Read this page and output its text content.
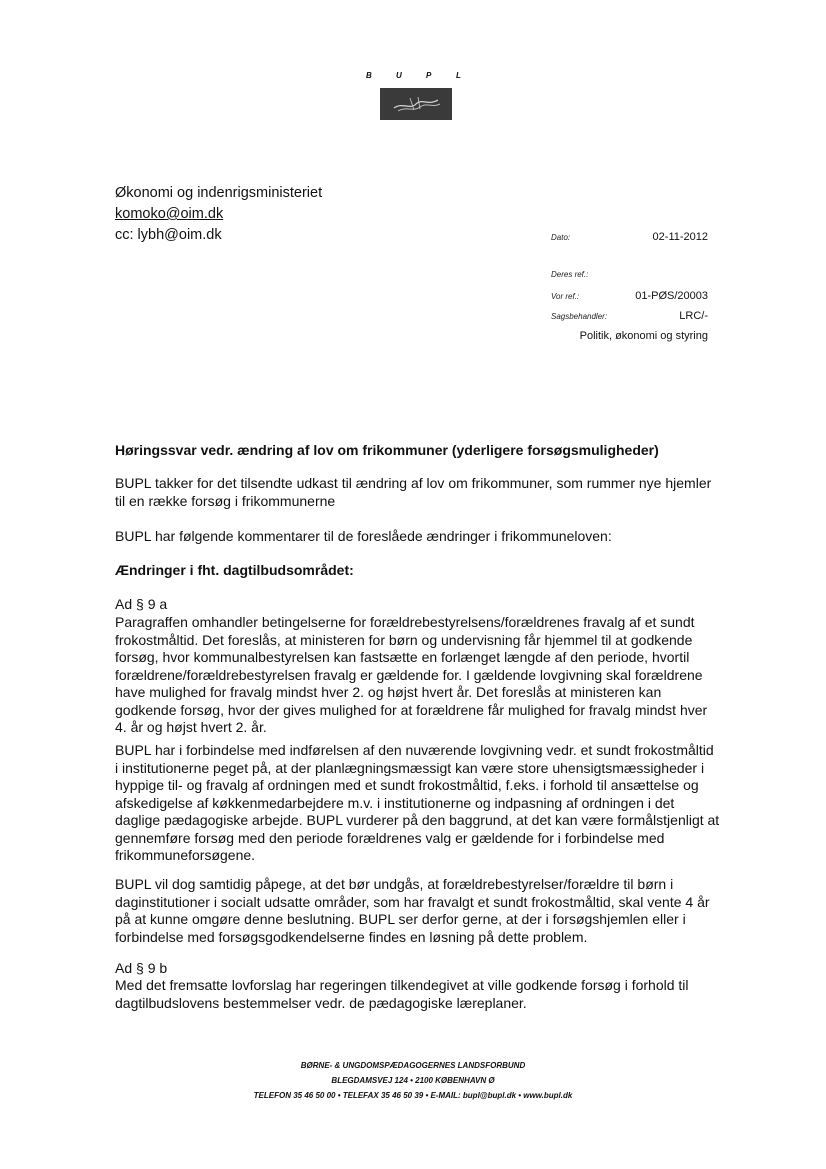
B	U	P	L
Økonomi og indenrigsministeriet
komoko@oim.dk
cc: lybh@oim.dk	Dato:	02-11-2012
Deres ref.:
Vor ref.:	01-PØS/20003
Sagsbehandler:	LRC/-
Politik, økonomi og styring
Høringssvar vedr. ændring af lov om frikommuner (yderligere forsøgsmuligheder)
BUPL takker for det tilsendte udkast til ændring af lov om frikommuner, som rummer nye hjemler til en række forsøg i frikommunerne
BUPL har følgende kommentarer til de foreslåede ændringer i frikommuneloven:
Ændringer i fht. dagtilbudsområdet:
Ad § 9 a
Paragraffen omhandler betingelserne for forældrebestyrelsens/forældrenes fravalg af et sundt frokostmåltid. Det foreslås, at ministeren for børn og undervisning får hjemmel til at godkende forsøg, hvor kommunalbestyrelsen kan fastsætte en forlænget længde af den periode, hvortil forældrene/forældrebestyrelsen fravalg er gældende for. I gældende lovgivning skal forældrene have mulighed for fravalg mindst hver 2. og højst hvert år. Det foreslås at ministeren kan godkende forsøg, hvor der gives mulighed for at forældrene får mulighed for fravalg mindst hver 4. år og højst hvert 2. år.
BUPL har i forbindelse med indførelsen af den nuværende lovgivning vedr. et sundt frokostmåltid i institutionerne peget på, at der planlægningsmæssigt kan være store uhensigtsmæssigheder i hyppige til- og fravalg af ordningen med et sundt frokostmåltid, f.eks. i forhold til ansættelse og afskedigelse af køkkenmedarbejdere m.v. i institutionerne og indpasning af ordningen i det daglige pædagogiske arbejde. BUPL vurderer på den baggrund, at det kan være formålstjenligt at gennemføre forsøg med den periode forældrenes valg er gældende for i forbindelse med frikommuneforsøgene.
BUPL vil dog samtidig påpege, at det bør undgås, at forældrebestyrelser/forældre til børn i daginstitutioner i socialt udsatte områder, som har fravalgt et sundt frokostmåltid, skal vente 4 år på at kunne omgøre denne beslutning. BUPL ser derfor gerne, at der i forsøgshjemlen eller i forbindelse med forsøgsgodkendelserne findes en løsning på dette problem.
Ad § 9 b
Med det fremsatte lovforslag har regeringen tilkendegivet at ville godkende forsøg i forhold til dagtilbudslovens bestemmelser vedr. de pædagogiske læreplaner.
BØRNE- & UNGDOMSPÆDAGOGERNES LANDSFORBUND
BLEGDAMSVEJ 124 • 2100 KØBENHAVN Ø
TELEFON 35 46 50 00 • TELEFAX 35 46 50 39 • E-MAIL: bupl@bupl.dk • www.bupl.dk
